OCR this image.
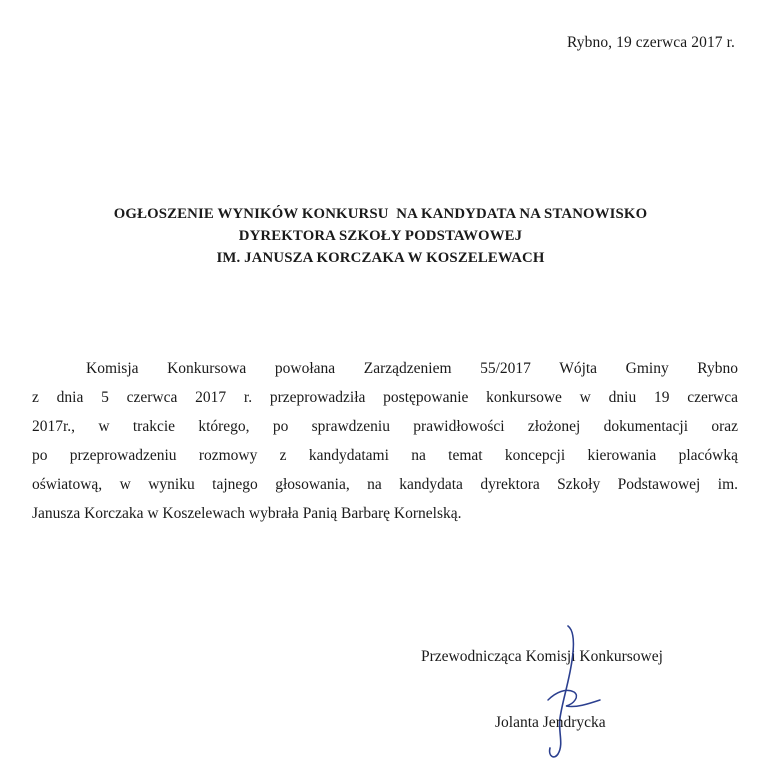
Rybno, 19 czerwca 2017 r.
OGŁOSZENIE WYNIKÓW KONKURSU  NA KANDYDATA NA STANOWISKO
DYREKTORA SZKOŁY PODSTAWOWEJ
IM. JANUSZA KORCZAKA W KOSZELEWACH
Komisja Konkursowa powołana Zarządzeniem 55/2017 Wójta Gminy Rybno
z dnia 5 czerwca 2017 r. przeprowadziła postępowanie konkursowe w dniu 19 czerwca
2017r., w trakcie którego, po sprawdzeniu prawidłowości złożonej dokumentacji oraz
po przeprowadzeniu rozmowy z kandydatami na temat koncepcji kierowania placówką
oświatową, w wyniku tajnego głosowania, na kandydata dyrektora Szkoły Podstawowej im.
Janusza Korczaka w Koszelewach wybrała Panią Barbarę Kornelską.
Przewodnicząca Komisji Konkursowej
Jolanta Jendrycka
